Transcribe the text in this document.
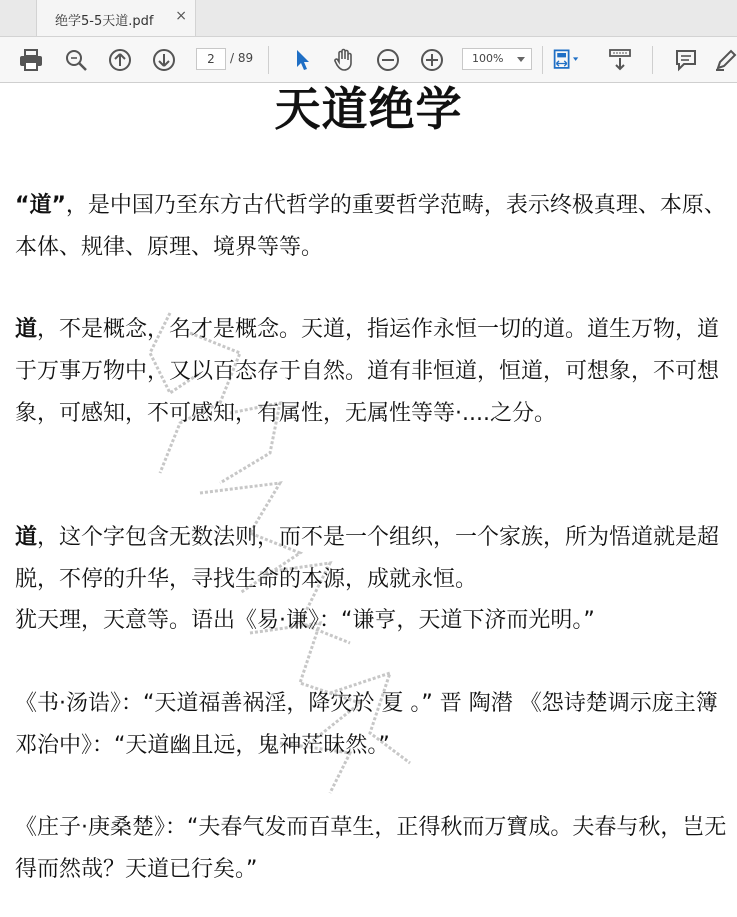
绝学5-5天道.pdf ×
2	/ 89	100%
天道绝学

“道”，是中国乃至东方古代哲学的重要哲学范畴，表示终极真理、本原、本体、规律、原理、境界等等。

道，不是概念，名才是概念。天道，指运作永恒一切的道。道生万物，道于万事万物中，又以百态存于自然。道有非恒道，恒道，可想象，不可想象，可感知，不可感知，有属性，无属性等等·....之分。

道，这个字包含无数法则，而不是一个组织，一个家族，所为悟道就是超脱，不停的升华，寻找生命的本源，成就永恒。

犹天理，天意等。语出《易·谦》：“谦亨，天道下济而光明。”

《书·汤诰》：“天道福善祸淫，降灾於 夏 。” 晋 陶潜 《怨诗楚调示庞主簿邓治中》：“天道幽且远，鬼神茫昧然。”

《庄子·庚桑楚》：“夫春气发而百草生，正得秋而万寶成。夫春与秋，岂无得而然哉？天道已行矣。”
